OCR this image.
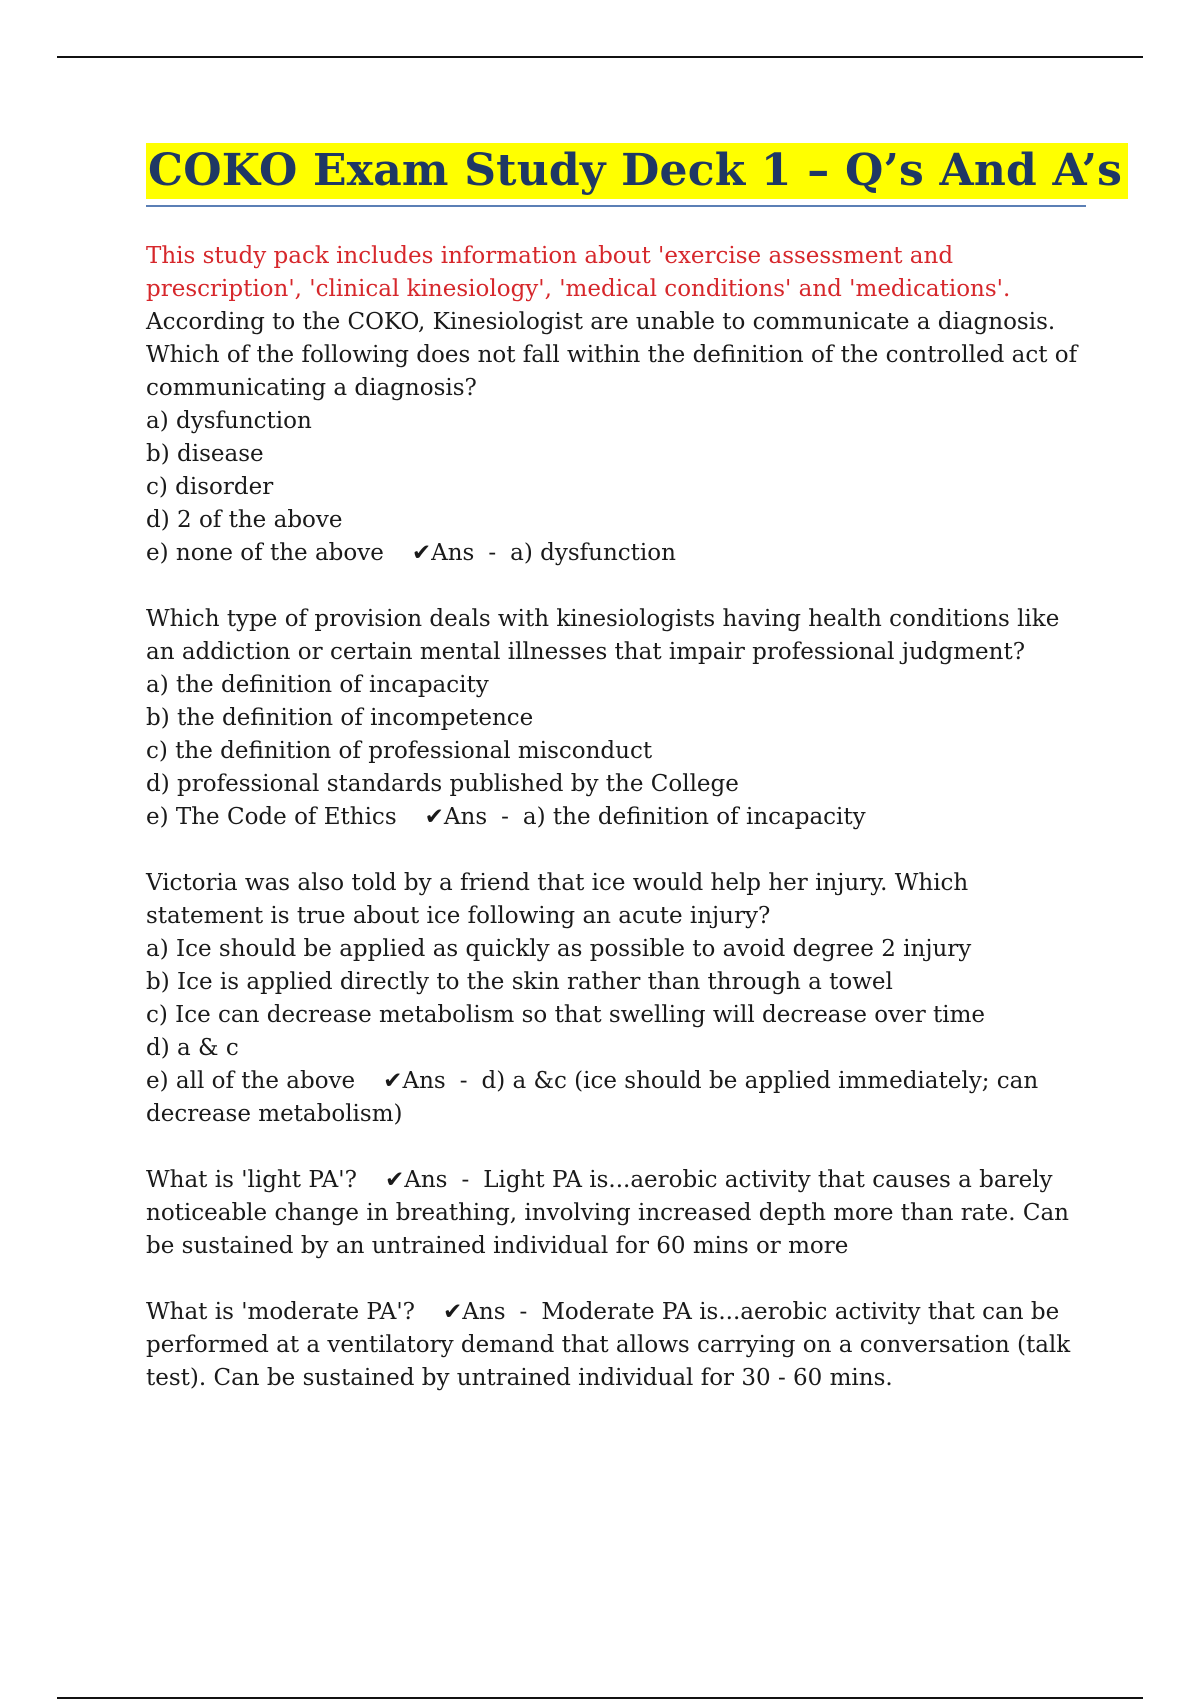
COKO Exam Study Deck 1 – Q’s And A’s
This study pack includes information about 'exercise assessment and prescription', 'clinical kinesiology', 'medical conditions' and 'medications'.
According to the COKO, Kinesiologist are unable to communicate a diagnosis. Which of the following does not fall within the definition of the controlled act of communicating a diagnosis?
a) dysfunction
b) disease
c) disorder
d) 2 of the above
e) none of the above ✔Ans - a) dysfunction
Which type of provision deals with kinesiologists having health conditions like an addiction or certain mental illnesses that impair professional judgment?
a) the definition of incapacity
b) the definition of incompetence
c) the definition of professional misconduct
d) professional standards published by the College
e) The Code of Ethics ✔Ans - a) the definition of incapacity
Victoria was also told by a friend that ice would help her injury. Which statement is true about ice following an acute injury?
a) Ice should be applied as quickly as possible to avoid degree 2 injury
b) Ice is applied directly to the skin rather than through a towel
c) Ice can decrease metabolism so that swelling will decrease over time
d) a & c
e) all of the above ✔Ans - d) a &c (ice should be applied immediately; can decrease metabolism)
What is 'light PA'? ✔Ans - Light PA is...aerobic activity that causes a barely noticeable change in breathing, involving increased depth more than rate. Can be sustained by an untrained individual for 60 mins or more
What is 'moderate PA'? ✔Ans - Moderate PA is...aerobic activity that can be performed at a ventilatory demand that allows carrying on a conversation (talk test). Can be sustained by untrained individual for 30 - 60 mins.
